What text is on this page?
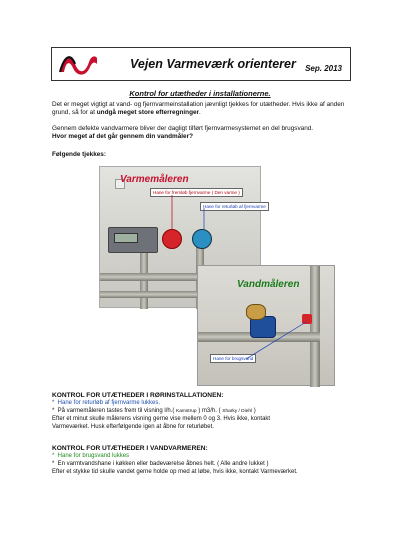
Vejen Varmeværk orienterer Sep. 2013
Kontrol for utætheder i installationerne.
Det er meget vigtigt at vand- og fjernvarmeinstallation jævnligt tjekkes for utætheder. Hvis ikke af anden grund, så for at undgå meget store efterregninger.
Gennem defekte vandvarmere bliver der dagligt tilført fjernvarmesystemet en del brugsvand.
Hvor meget af det går gennem din vandmåler?
Følgende tjekkes:
Varmemåleren
Hane for fremløb fjernvarme ( Den varme )
Hane for returløb af fjernvarme
Vandmåleren
Hane for brugsvand
KONTROL FOR UTÆTHEDER I RØRINSTALLATIONEN:
*  Hane for returløb af fjernvarme lukkes.
*  På varmemåleren tastes frem til visning l/h.( Kamstrup ) m3/h. ( Sharky / Diehl )
Efter et minut skulle målerens visning gerne vise mellem 0 og 3. Hvis ikke, kontakt
Varmeværket. Husk efterfølgende igen at åbne for returløbet.
KONTROL FOR UTÆTHEDER I VANDVARMEREN:
*  Hane for brugsvand lukkes
*  En varmtvandshane i køkken eller badeværelse åbnes helt. ( Alle andre lukket )
Efter et stykke tid skulle vandet gerne holde op med at løbe, hvis ikke, kontakt Varmeværket.
